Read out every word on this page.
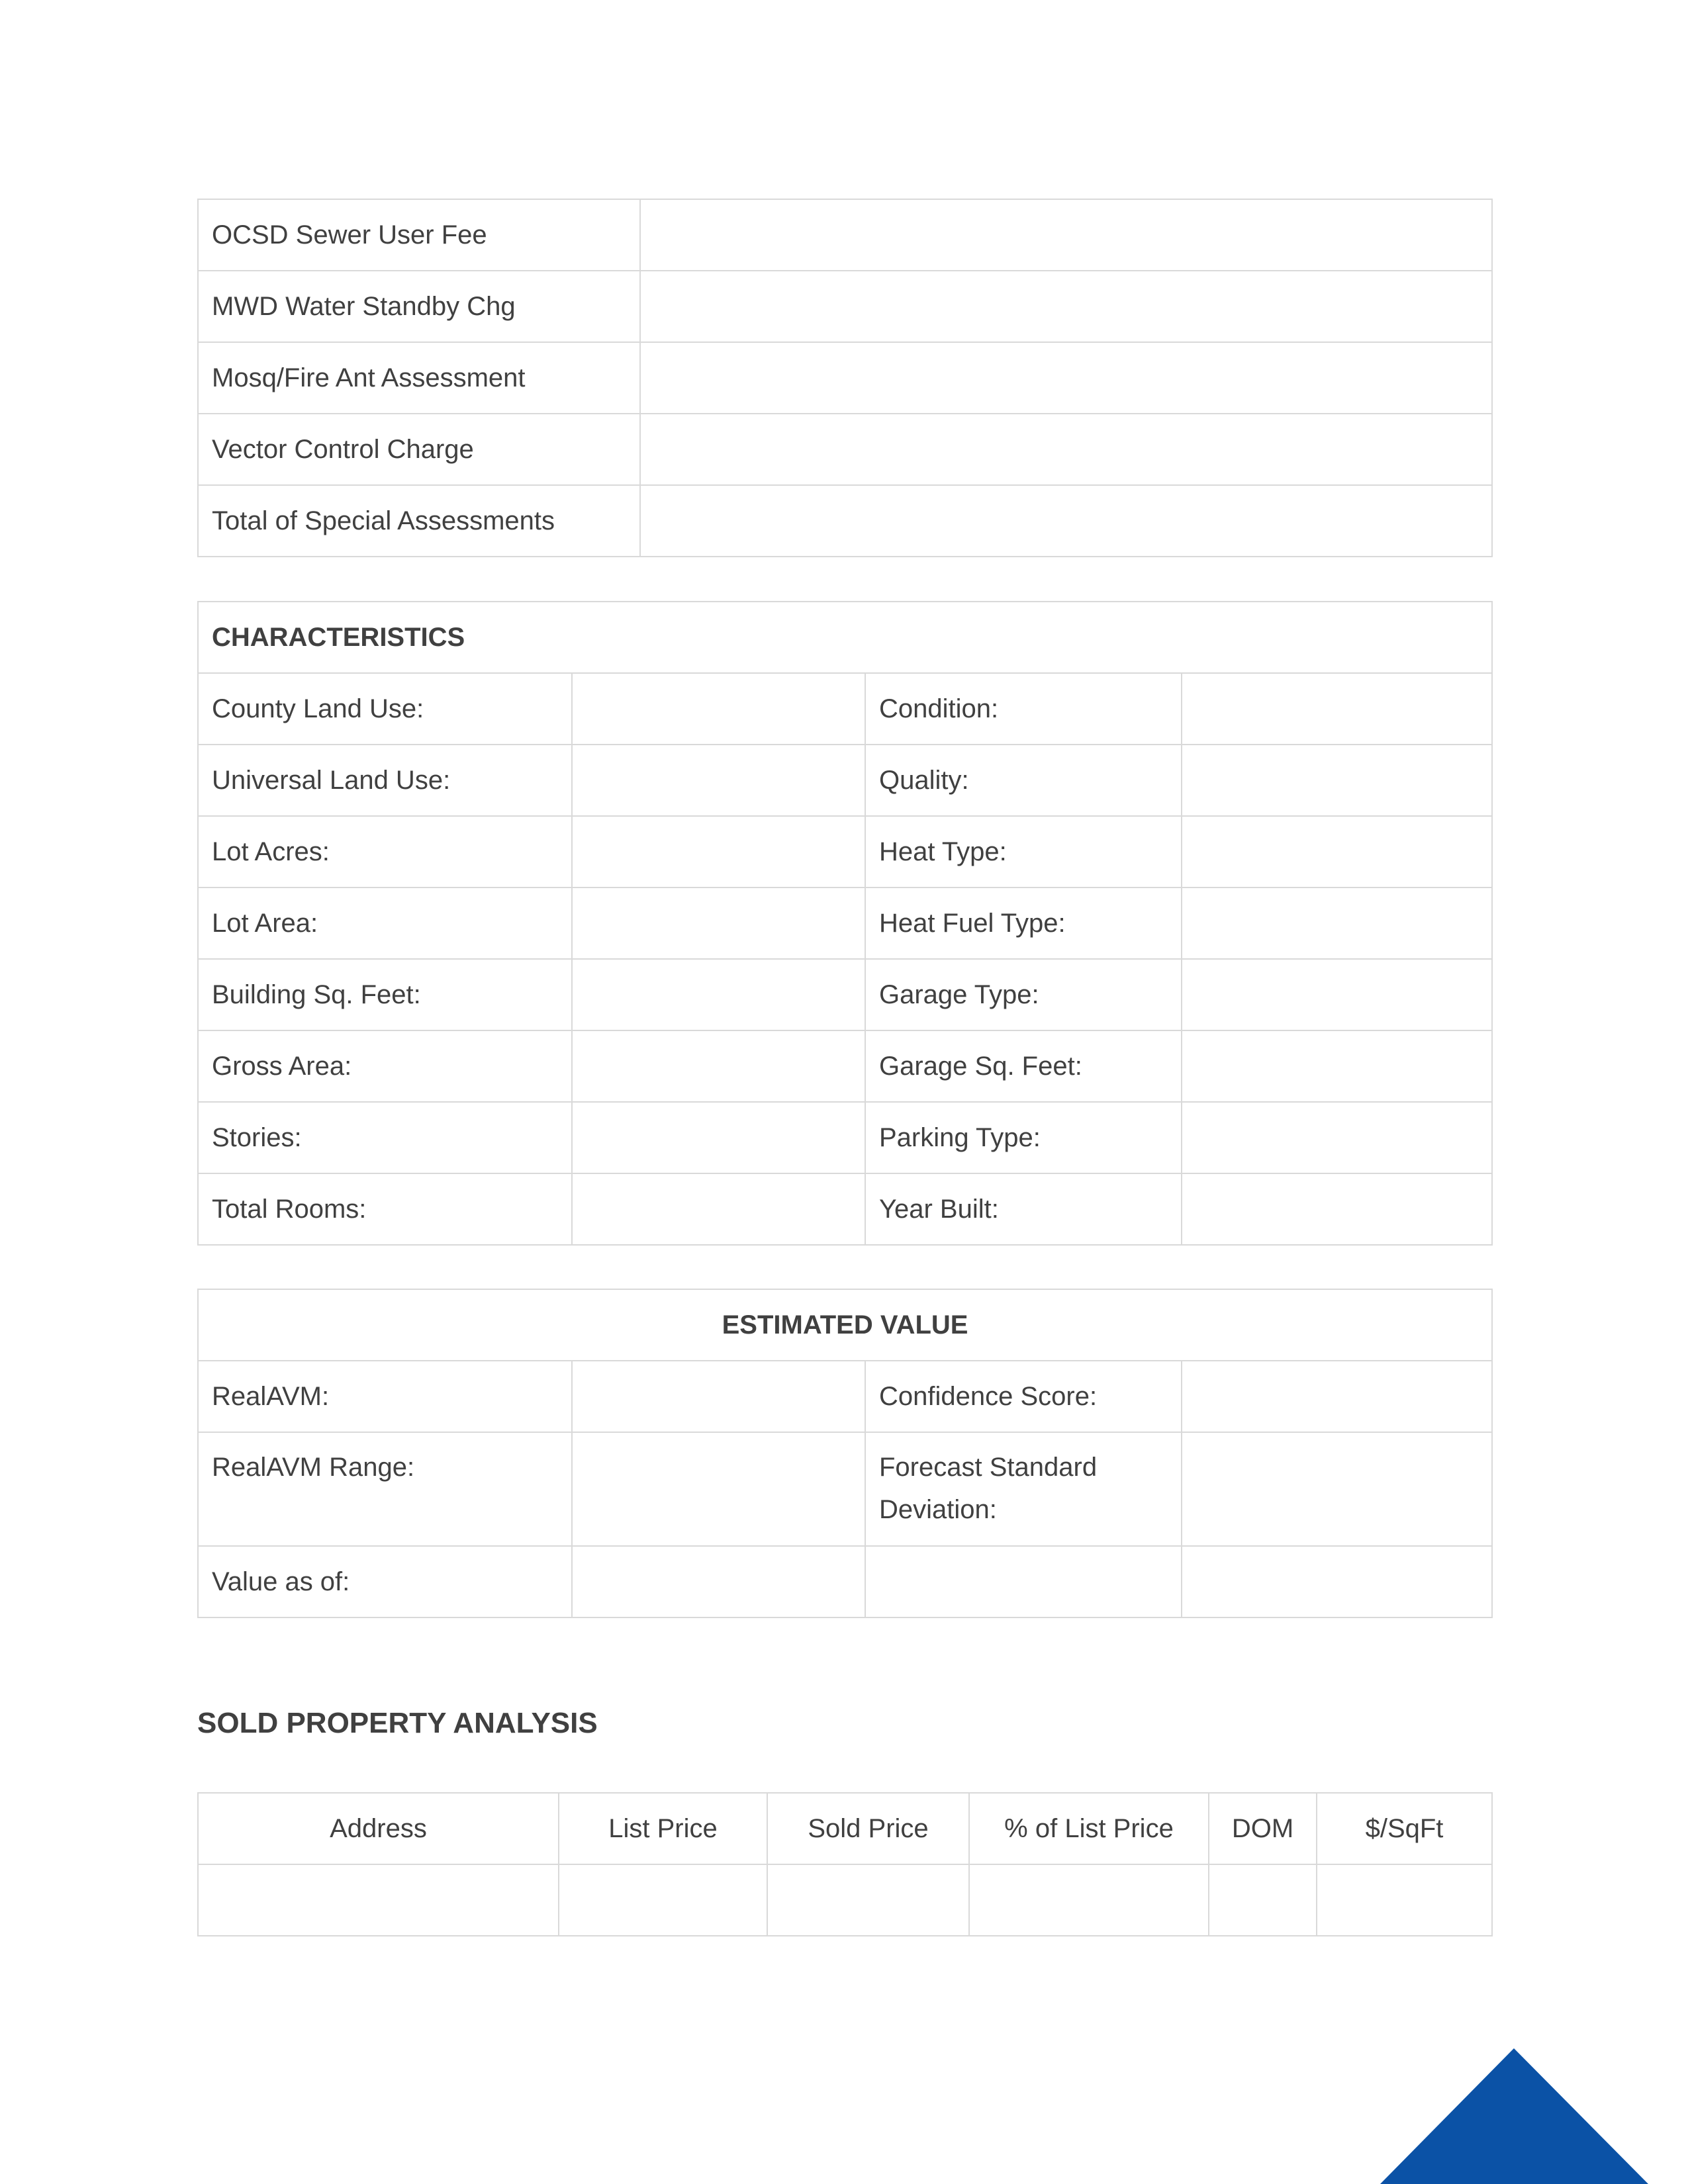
OCSD Sewer User Fee	
MWD Water Standby Chg	
Mosq/Fire Ant Assessment	
Vector Control Charge	
Total of Special Assessments	
CHARACTERISTICS			
County Land Use:		Condition:	
Universal Land Use:		Quality:	
Lot Acres:		Heat Type:	
Lot Area:		Heat Fuel Type:	
Building Sq. Feet:		Garage Type:	
Gross Area:		Garage Sq. Feet:	
Stories:		Parking Type:	
Total Rooms:		Year Built:	
ESTIMATED VALUE			
RealAVM:		Confidence Score:	
RealAVM Range:		Forecast Standard Deviation:	
Value as of:			
SOLD PROPERTY ANALYSIS
Address	List Price	Sold Price	% of List Price	DOM	$/SqFt
